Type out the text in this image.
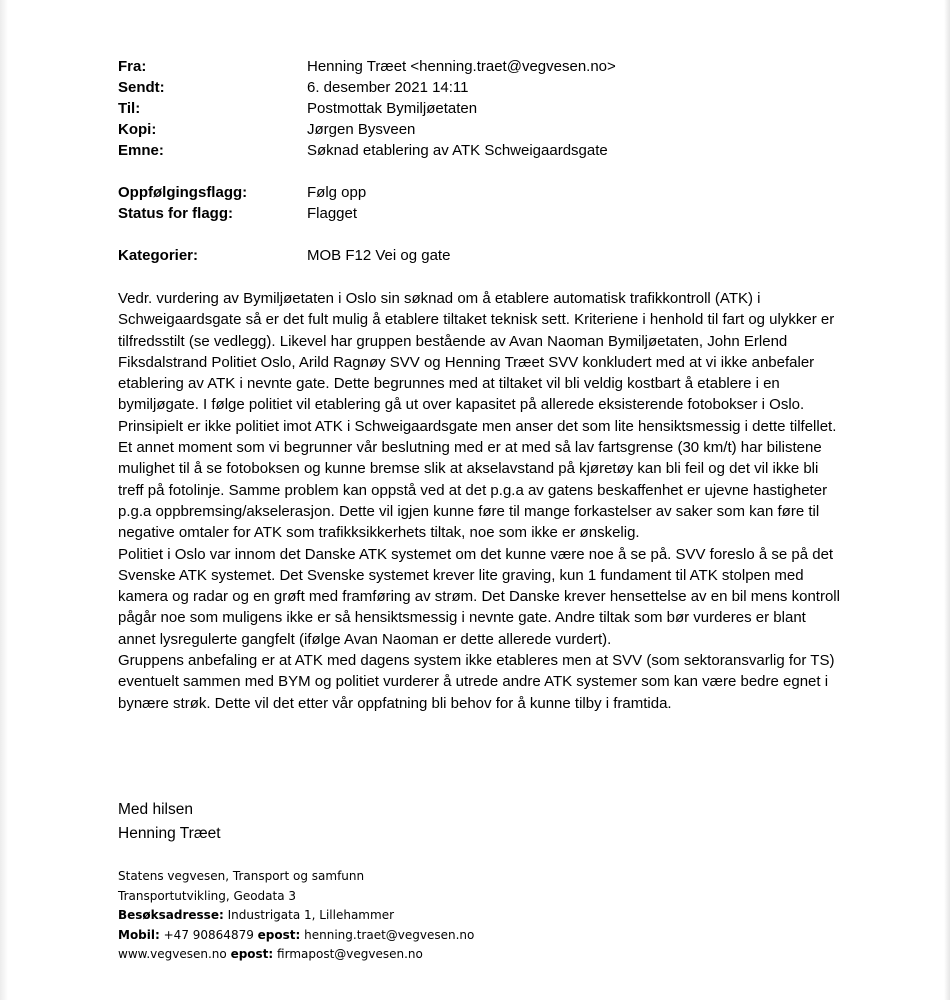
Fra:	Henning Træet <henning.traet@vegvesen.no>
Sendt:	6. desember 2021 14:11
Til:	Postmottak Bymiljøetaten
Kopi:	Jørgen Bysveen
Emne:	Søknad etablering av ATK Schweigaardsgate
Oppfølgingsflagg:	Følg opp
Status for flagg:	Flagget
Kategorier:	MOB F12 Vei og gate

Vedr. vurdering av Bymiljøetaten i Oslo sin søknad om å etablere automatisk trafikkontroll (ATK) i Schweigaardsgate så er det fult mulig å etablere tiltaket teknisk sett. Kriteriene i henhold til fart og ulykker er tilfredsstilt (se vedlegg). Likevel har gruppen bestående av Avan Naoman Bymiljøetaten, John Erlend Fiksdalstrand Politiet Oslo, Arild Ragnøy SVV og Henning Træet SVV konkludert med at vi ikke anbefaler etablering av ATK i nevnte gate. Dette begrunnes med at tiltaket vil bli veldig kostbart å etablere i en bymiljøgate. I følge politiet vil etablering gå ut over kapasitet på allerede eksisterende fotobokser i Oslo. Prinsipielt er ikke politiet imot ATK i Schweigaardsgate men anser det som lite hensiktsmessig i dette tilfellet.

Et annet moment som vi begrunner vår beslutning med er at med så lav fartsgrense (30 km/t) har bilistene mulighet til å se fotoboksen og kunne bremse slik at akselavstand på kjøretøy kan bli feil og det vil ikke bli treff på fotolinje. Samme problem kan oppstå ved at det p.g.a av gatens beskaffenhet er ujevne hastigheter p.g.a oppbremsing/akselerasjon. Dette vil igjen kunne føre til mange forkastelser av saker som kan føre til negative omtaler for ATK som trafikksikkerhets tiltak, noe som ikke er ønskelig.

Politiet i Oslo var innom det Danske ATK systemet om det kunne være noe å se på. SVV foreslo å se på det Svenske ATK systemet. Det Svenske systemet krever lite graving, kun 1 fundament til ATK stolpen med kamera og radar og en grøft med framføring av strøm. Det Danske krever hensettelse av en bil mens kontroll pågår noe som muligens ikke er så hensiktsmessig i nevnte gate. Andre tiltak som bør vurderes er blant annet lysregulerte gangfelt (ifølge Avan Naoman er dette allerede vurdert).

Gruppens anbefaling er at ATK med dagens system ikke etableres men at SVV (som sektoransvarlig for TS) eventuelt sammen med BYM og politiet vurderer å utrede andre ATK systemer som kan være bedre egnet i bynære strøk. Dette vil det etter vår oppfatning bli behov for å kunne tilby i framtida.

Med hilsen
Henning Træet
Statens vegvesen, Transport og samfunn
Transportutvikling, Geodata 3
Besøksadresse: Industrigata 1, Lillehammer
Mobil: +47 90864879 epost: henning.traet@vegvesen.no
www.vegvesen.no epost: firmapost@vegvesen.no
